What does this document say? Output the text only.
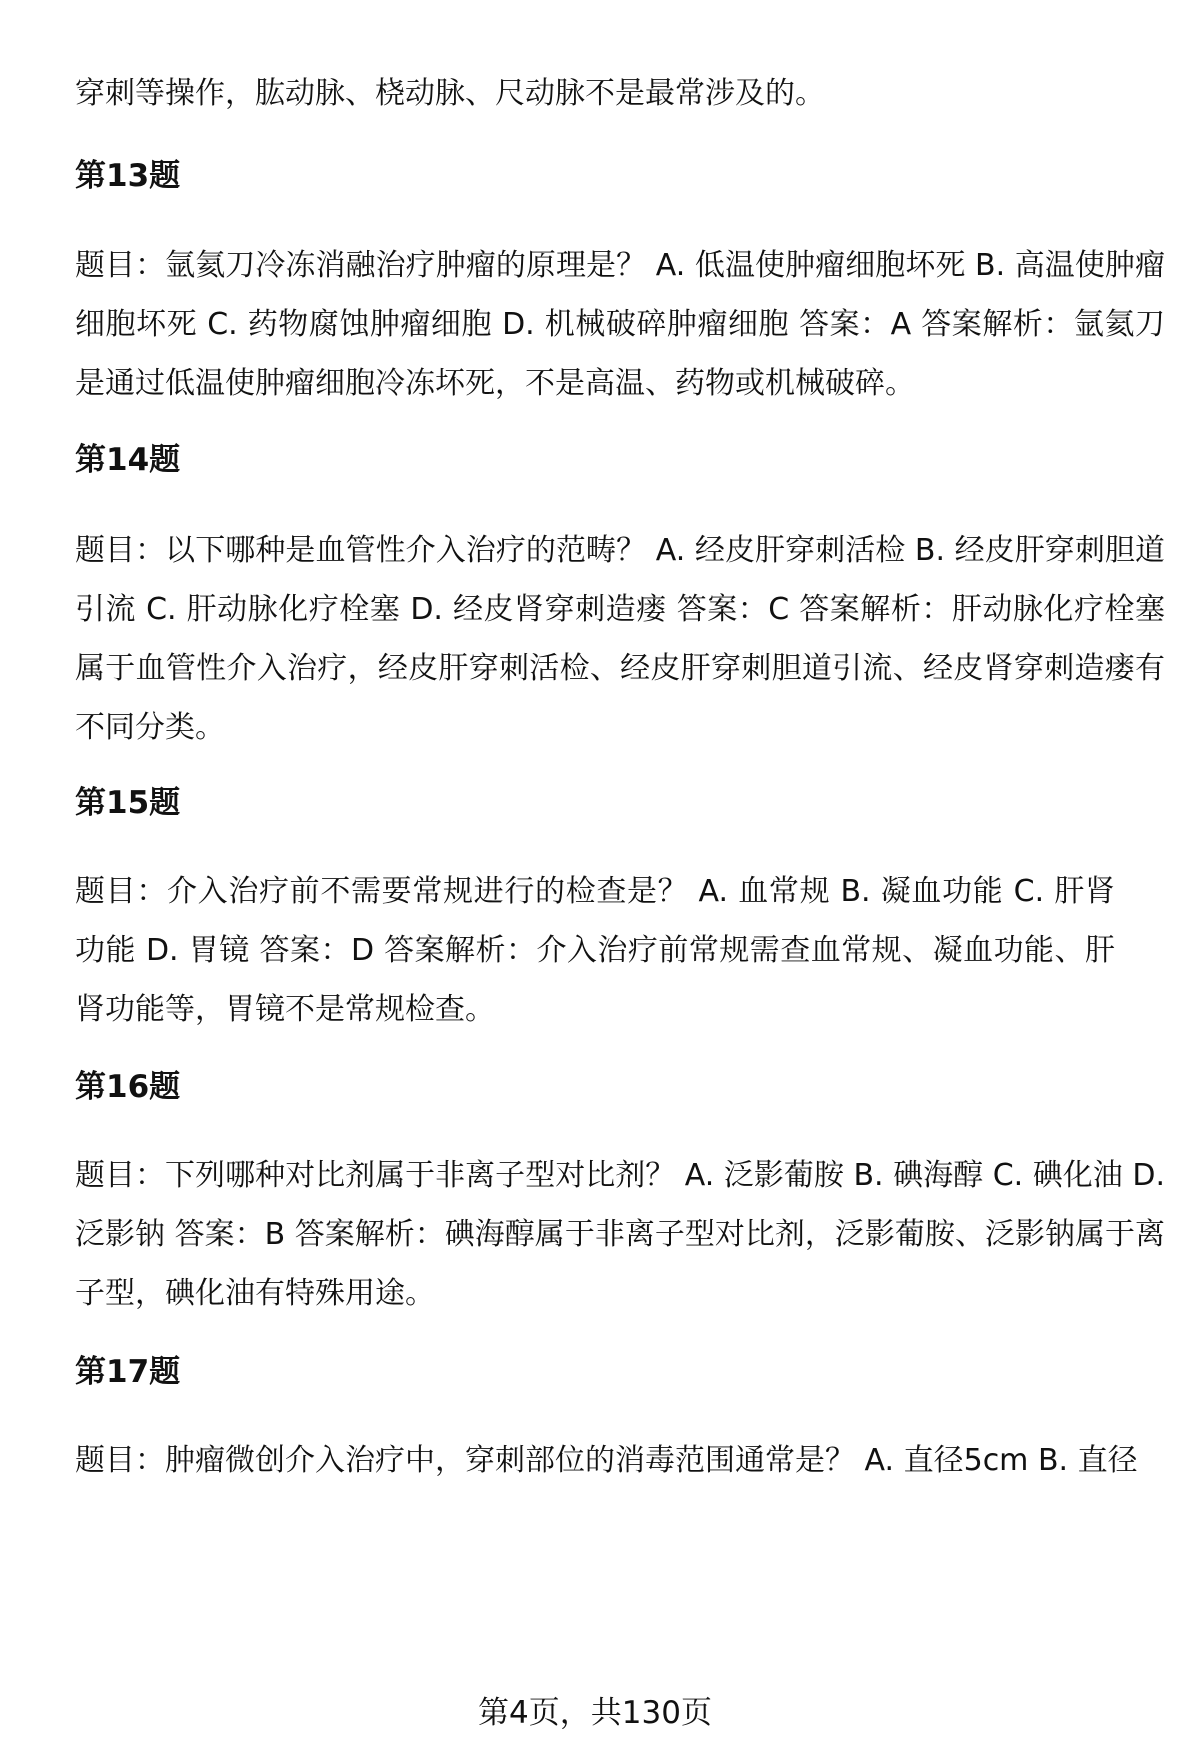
穿刺等操作，肱动脉、桡动脉、尺动脉不是最常涉及的。

第13题

题目：氩氦刀冷冻消融治疗肿瘤的原理是？ A. 低温使肿瘤细胞坏死 B. 高温使肿瘤细胞坏死 C. 药物腐蚀肿瘤细胞 D. 机械破碎肿瘤细胞 答案：A 答案解析：氩氦刀是通过低温使肿瘤细胞冷冻坏死，不是高温、药物或机械破碎。

第14题

题目：以下哪种是血管性介入治疗的范畴？ A. 经皮肝穿刺活检 B. 经皮肝穿刺胆道引流 C. 肝动脉化疗栓塞 D. 经皮肾穿刺造瘘 答案：C 答案解析：肝动脉化疗栓塞属于血管性介入治疗，经皮肝穿刺活检、经皮肝穿刺胆道引流、经皮肾穿刺造瘘有不同分类。

第15题

题目：介入治疗前不需要常规进行的检查是？ A. 血常规 B. 凝血功能 C. 肝肾功能 D. 胃镜 答案：D 答案解析：介入治疗前常规需查血常规、凝血功能、肝肾功能等，胃镜不是常规检查。

第16题

题目：下列哪种对比剂属于非离子型对比剂？ A. 泛影葡胺 B. 碘海醇 C. 碘化油 D. 泛影钠 答案：B 答案解析：碘海醇属于非离子型对比剂，泛影葡胺、泛影钠属于离子型，碘化油有特殊用途。

第17题

题目：肿瘤微创介入治疗中，穿刺部位的消毒范围通常是？ A. 直径5cm B. 直径

第4页，共130页
